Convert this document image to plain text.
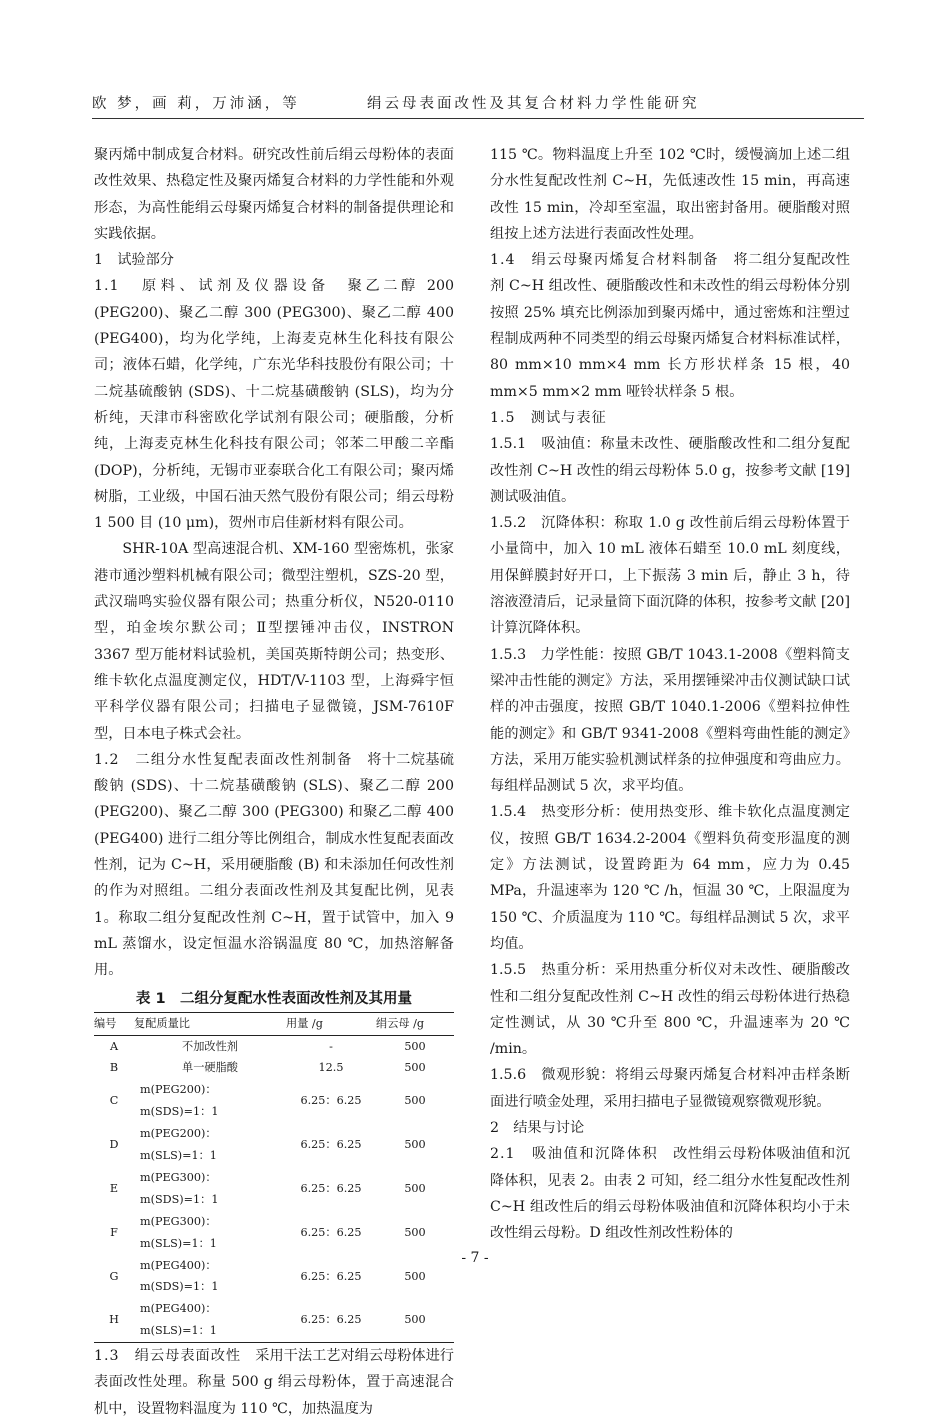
欧 梦，画 莉，万沛涵，等	绢云母表面改性及其复合材料力学性能研究

聚丙烯中制成复合材料。研究改性前后绢云母粉体的表面改性效果、热稳定性及聚丙烯复合材料的力学性能和外观形态，为高性能绢云母聚丙烯复合材料的制备提供理论和实践依据。

1　试验部分

1.1　原料、试剂及仪器设备　聚乙二醇 200 (PEG200)、聚乙二醇 300 (PEG300)、聚乙二醇 400 (PEG400)，均为化学纯，上海麦克林生化科技有限公司；液体石蜡，化学纯，广东光华科技股份有限公司；十二烷基硫酸钠 (SDS)、十二烷基磺酸钠 (SLS)，均为分析纯，天津市科密欧化学试剂有限公司；硬脂酸，分析纯，上海麦克林生化科技有限公司；邻苯二甲酸二辛酯 (DOP)，分析纯，无锡市亚泰联合化工有限公司；聚丙烯树脂，工业级，中国石油天然气股份有限公司；绢云母粉 1 500 目 (10 μm)，贺州市启佳新材料有限公司。

SHR-10A 型高速混合机、XM-160 型密炼机，张家港市通沙塑料机械有限公司；微型注塑机，SZS-20 型，武汉瑞鸣实验仪器有限公司；热重分析仪，N520-0110 型，珀金埃尔默公司；Ⅱ型摆锤冲击仪，INSTRON 3367 型万能材料试验机，美国英斯特朗公司；热变形、维卡软化点温度测定仪，HDT/V-1103 型，上海舜宇恒平科学仪器有限公司；扫描电子显微镜，JSM-7610F 型，日本电子株式会社。

1.2　二组分水性复配表面改性剂制备　将十二烷基硫酸钠 (SDS)、十二烷基磺酸钠 (SLS)、聚乙二醇 200 (PEG200)、聚乙二醇 300 (PEG300) 和聚乙二醇 400 (PEG400) 进行二组分等比例组合，制成水性复配表面改性剂，记为 C~H，采用硬脂酸 (B) 和未添加任何改性剂的作为对照组。二组分表面改性剂及其复配比例，见表 1。称取二组分复配改性剂 C~H，置于试管中，加入 9 mL 蒸馏水，设定恒温水浴锅温度 80 ℃，加热溶解备用。

表 1　二组分复配水性表面改性剂及其用量
编号	复配质量比	用量 /g	绢云母 /g
A	不加改性剂	-	500
B	单一硬脂酸	12.5	500
C	m(PEG200)：m(SDS)=1：1	6.25：6.25	500
D	m(PEG200)：m(SLS)=1：1	6.25：6.25	500
E	m(PEG300)：m(SDS)=1：1	6.25：6.25	500
F	m(PEG300)：m(SLS)=1：1	6.25：6.25	500
G	m(PEG400)：m(SDS)=1：1	6.25：6.25	500
H	m(PEG400)：m(SLS)=1：1	6.25：6.25	500

1.3　绢云母表面改性　采用干法工艺对绢云母粉体进行表面改性处理。称量 500 g 绢云母粉体，置于高速混合机中，设置物料温度为 110 ℃，加热温度为

115 ℃。物料温度上升至 102 ℃时，缓慢滴加上述二组分水性复配改性剂 C~H，先低速改性 15 min，再高速改性 15 min，冷却至室温，取出密封备用。硬脂酸对照组按上述方法进行表面改性处理。

1.4　绢云母聚丙烯复合材料制备　将二组分复配改性剂 C~H 组改性、硬脂酸改性和未改性的绢云母粉体分别按照 25% 填充比例添加到聚丙烯中，通过密炼和注塑过程制成两种不同类型的绢云母聚丙烯复合材料标准试样，80 mm×10 mm×4 mm 长方形状样条 15 根，40 mm×5 mm×2 mm 哑铃状样条 5 根。

1.5　测试与表征

1.5.1　吸油值：称量未改性、硬脂酸改性和二组分复配改性剂 C~H 改性的绢云母粉体 5.0 g，按参考文献 [19] 测试吸油值。

1.5.2　沉降体积：称取 1.0 g 改性前后绢云母粉体置于小量筒中，加入 10 mL 液体石蜡至 10.0 mL 刻度线，用保鲜膜封好开口，上下振荡 3 min 后，静止 3 h，待溶液澄清后，记录量筒下面沉降的体积，按参考文献 [20] 计算沉降体积。

1.5.3　力学性能：按照 GB/T 1043.1-2008《塑料简支梁冲击性能的测定》方法，采用摆锤梁冲击仪测试缺口试样的冲击强度，按照 GB/T 1040.1-2006《塑料拉伸性能的测定》和 GB/T 9341-2008《塑料弯曲性能的测定》方法，采用万能实验机测试样条的拉伸强度和弯曲应力。每组样品测试 5 次，求平均值。

1.5.4　热变形分析：使用热变形、维卡软化点温度测定仪，按照 GB/T 1634.2-2004《塑料负荷变形温度的测定》方法测试，设置跨距为 64 mm，应力为 0.45 MPa，升温速率为 120 ℃ /h，恒温 30 ℃，上限温度为 150 ℃、介质温度为 110 ℃。每组样品测试 5 次，求平均值。

1.5.5　热重分析：采用热重分析仪对未改性、硬脂酸改性和二组分复配改性剂 C~H 改性的绢云母粉体进行热稳定性测试，从 30 ℃升至 800 ℃，升温速率为 20 ℃ /min。

1.5.6　微观形貌：将绢云母聚丙烯复合材料冲击样条断面进行喷金处理，采用扫描电子显微镜观察微观形貌。

2　结果与讨论

2.1　吸油值和沉降体积　改性绢云母粉体吸油值和沉降体积，见表 2。由表 2 可知，经二组分水性复配改性剂 C~H 组改性后的绢云母粉体吸油值和沉降体积均小于未改性绢云母粉。D 组改性剂改性粉体的

- 7 -
